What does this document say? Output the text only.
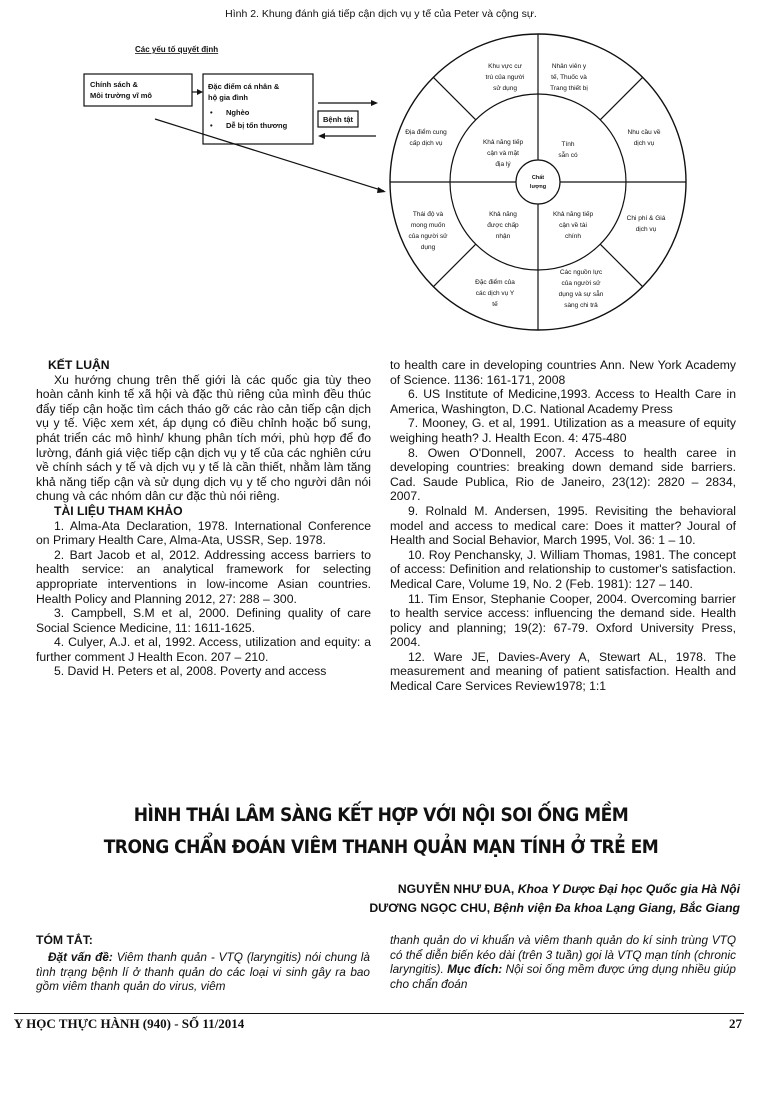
Hình 2. Khung đánh giá tiếp cận dịch vụ y tế của Peter và cộng sự.
Các yếu tố quyết định
Chính sách &
Môi trường vĩ mô
Đặc điểm cá nhân &
hộ gia đình
• Nghèo
• Dễ bị tổn thương
Bệnh tật
Chất
lượng
Khả năng tiếp
cận và mặt
địa lý
Tính
sẵn có
Khả năng tiếp
cận về tài
chính
Khả năng
được chấp
nhận
Khu vực cư
trú của người
sử dụng
Nhân viên y
tế, Thuốc và
Trang thiết bị
Nhu cầu về
dịch vụ
Chi phí & Giá
dịch vụ
Các nguồn lực
của người sử
dụng và sự sẵn
sàng chi trả
Đặc điểm của
các dịch vụ Y
tế
Thái độ và
mong muốn
của người sử
dụng
Địa điểm cung
cấp dịch vụ

KẾT LUẬN

Xu hướng chung trên thế giới là các quốc gia tùy theo hoàn cảnh kinh tế xã hội và đặc thù riêng của mình đều thúc đẩy tiếp cận hoặc tìm cách tháo gỡ các rào cản tiếp cận dịch vụ y tế. Việc xem xét, áp dụng có điều chỉnh hoặc bổ sung, phát triển các mô hình/ khung phân tích mới, phù hợp để đo lường, đánh giá việc tiếp cận dịch vụ y tế của các nghiên cứu về chính sách y tế và dịch vụ y tế là cần thiết, nhằm làm tăng khả năng tiếp cận và sử dụng dịch vụ y tế cho người dân nói chung và các nhóm dân cư đặc thù nói riêng.

TÀI LIỆU THAM KHẢO

1. Alma-Ata Declaration, 1978. International Conference on Primary Health Care, Alma-Ata, USSR, Sep. 1978.

2. Bart Jacob et al, 2012. Addressing access barriers to health service: an analytical framework for selecting appropriate interventions in low-income Asian countries. Health Policy and Planning 2012, 27: 288 – 300.

3. Campbell, S.M et al, 2000. Defining quality of care Social Science Medicine, 11: 1611-1625.

4. Culyer, A.J. et al, 1992. Access, utilization and equity: a further comment J Health Econ. 207 – 210.

5. David H. Peters et al, 2008. Poverty and access

to health care in developing countries Ann. New York Academy of Science. 1136: 161-171, 2008

6. US Institute of Medicine,1993. Access to Health Care in America, Washington, D.C. National Academy Press

7. Mooney, G. et al, 1991. Utilization as a measure of equity weighing heath? J. Health Econ. 4: 475-480

8. Owen O'Donnell, 2007. Access to health caree in developing countries: breaking down demand side barriers. Cad. Saude Publica, Rio de Janeiro, 23(12): 2820 – 2834, 2007.

9. Rolnald M. Andersen, 1995. Revisiting the behavioral model and access to medical care: Does it matter? Joural of Health and Social Behavior, March 1995, Vol. 36: 1 – 10.

10. Roy Penchansky, J. William Thomas, 1981. The concept of access: Definition and relationship to customer's satisfaction. Medical Care, Volume 19, No. 2 (Feb. 1981): 127 – 140.

11. Tim Ensor, Stephanie Cooper, 2004. Overcoming barrier to health service access: influencing the demand side. Health policy and planning; 19(2): 67-79. Oxford University Press, 2004.

12. Ware JE, Davies-Avery A, Stewart AL, 1978. The measurement and meaning of patient satisfaction. Health and Medical Care Services Review1978; 1:1

HÌNH THÁI LÂM SÀNG KẾT HỢP VỚI NỘI SOI ỐNG MỀM
TRONG CHẨN ĐOÁN VIÊM THANH QUẢN MẠN TÍNH Ở TRẺ EM
NGUYỄN NHƯ ĐUA, Khoa Y Dược Đại học Quốc gia Hà Nội
DƯƠNG NGỌC CHU, Bệnh viện Đa khoa Lạng Giang, Bắc Giang
TÓM TẮT:
Đặt vấn đề: Viêm thanh quản - VTQ (laryngitis) nói chung là tình trạng bệnh lí ở thanh quản do các loại vi sinh gây ra bao gồm viêm thanh quản do virus, viêm
thanh quản do vi khuẩn và viêm thanh quản do kí sinh trùng VTQ có thể diễn biến kéo dài (trên 3 tuần) gọi là VTQ mạn tính (chronic laryngitis). Mục đích: Nội soi ống mềm được ứng dụng nhiều giúp cho chẩn đoán
Y HỌC THỰC HÀNH (940) - SỐ 11/2014	27
